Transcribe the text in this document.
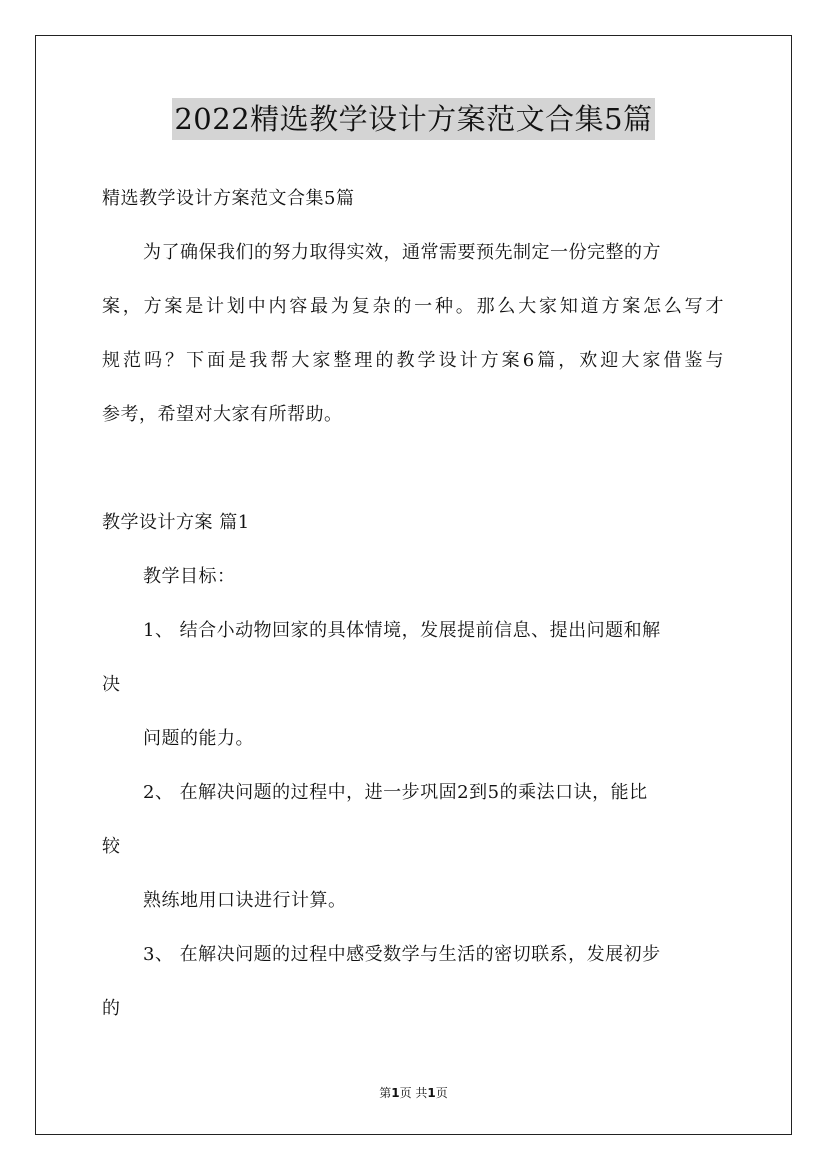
2022精选教学设计方案范文合集5篇
精选教学设计方案范文合集5篇
为了确保我们的努力取得实效，通常需要预先制定一份完整的方
案，方案是计划中内容最为复杂的一种。那么大家知道方案怎么写才
规范吗？下面是我帮大家整理的教学设计方案6篇，欢迎大家借鉴与
参考，希望对大家有所帮助。
教学设计方案 篇1
教学目标：
1、 结合小动物回家的具体情境，发展提前信息、提出问题和解
决
问题的能力。
2、 在解决问题的过程中，进一步巩固2到5的乘法口诀，能比
较
熟练地用口诀进行计算。
3、 在解决问题的过程中感受数学与生活的密切联系，发展初步
的
第1页 共1页
